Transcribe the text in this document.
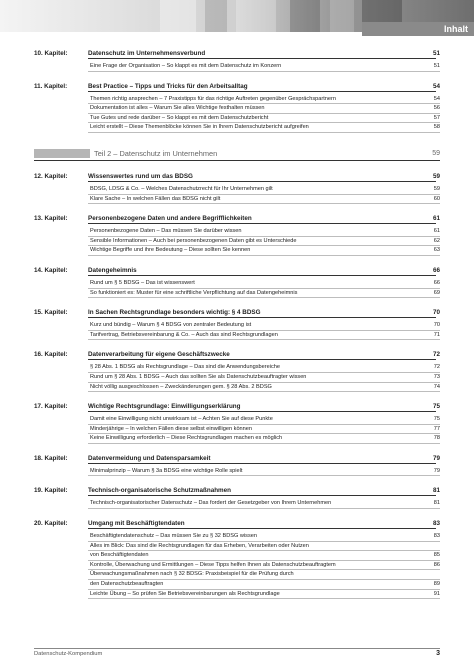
Inhalt
10. Kapitel:	Datenschutz im Unternehmensverbund	51
Eine Frage der Organisation – So klappt es mit dem Datenschutz im Konzern	51
11. Kapitel:	Best Practice – Tipps und Tricks für den Arbeitsalltag	54
Themen richtig ansprechen – 7 Praxistipps für das richtige Auftreten gegenüber Gesprächspartnern	54
Dokumentation ist alles – Warum Sie alles Wichtige festhalten müssen	56
Tue Gutes und rede darüber – So klappt es mit dem Datenschutzbericht	57
Leicht erstellt – Diese Themenblöcke können Sie in Ihrem Datenschutzbericht aufgreifen	58
Teil 2 – Datenschutz im Unternehmen	59
12. Kapitel:	Wissenswertes rund um das BDSG	59
BDSG, LDSG & Co. – Welches Datenschutzrecht für Ihr Unternehmen gilt	59
Klare Sache – In welchen Fällen das BDSG nicht gilt	60
13. Kapitel:	Personenbezogene Daten und andere Begrifflichkeiten	61
Personenbezogene Daten – Das müssen Sie darüber wissen	61
Sensible Informationen – Auch bei personenbezogenen Daten gibt es Unterschiede	62
Wichtige Begriffe und ihre Bedeutung – Diese sollten Sie kennen	63
14. Kapitel:	Datengeheimnis	66
Rund um § 5 BDSG – Das ist wissenswert	66
So funktioniert es: Muster für eine schriftliche Verpflichtung auf das Datengeheimnis	69
15. Kapitel:	In Sachen Rechtsgrundlage besonders wichtig: § 4 BDSG	70
Kurz und bündig – Warum § 4 BDSG von zentraler Bedeutung ist	70
Tarifvertrag, Betriebsvereinbarung & Co. – Auch das sind Rechtsgrundlagen	71
16. Kapitel:	Datenverarbeitung für eigene Geschäftszwecke	72
§ 28 Abs. 1 BDSG als Rechtsgrundlage – Das sind die Anwendungsbereiche	72
Rund um § 28 Abs. 1 BDSG – Auch das sollten Sie als Datenschutzbeauftragter wissen	73
Nicht völlig ausgeschlossen – Zweckänderungen gem. § 28 Abs. 2 BDSG	74
17. Kapitel:	Wichtige Rechtsgrundlage: Einwilligungserklärung	75
Damit eine Einwilligung nicht unwirksam ist – Achten Sie auf diese Punkte	75
Minderjährige – In welchen Fällen diese selbst einwilligen können	77
Keine Einwilligung erforderlich – Diese Rechtsgrundlagen machen es möglich	78
18. Kapitel:	Datenvermeidung und Datensparsamkeit	79
Minimalprinzip – Warum § 3a BDSG eine wichtige Rolle spielt	79
19. Kapitel:	Technisch-organisatorische Schutzmaßnahmen	81
Technisch-organisatorischer Datenschutz – Das fordert der Gesetzgeber von Ihrem Unternehmen	81
20. Kapitel:	Umgang mit Beschäftigtendaten	83
Beschäftigtendatenschutz – Das müssen Sie zu § 32 BDSG wissen	83
Alles im Blick: Das sind die Rechtsgrundlagen für das Erheben, Verarbeiten oder Nutzen
von Beschäftigtendaten	85
Kontrolle, Überwachung und Ermittlungen – Diese Tipps helfen Ihnen als Datenschutzbeauftragtem	86
Überwachungsmaßnahmen nach § 32 BDSG: Praxisbeispiel für die Prüfung durch
den Datenschutzbeauftragten	89
Leichte Übung – So prüfen Sie Betriebsvereinbarungen als Rechtsgrundlage	91
Datenschutz-Kompendium	3
